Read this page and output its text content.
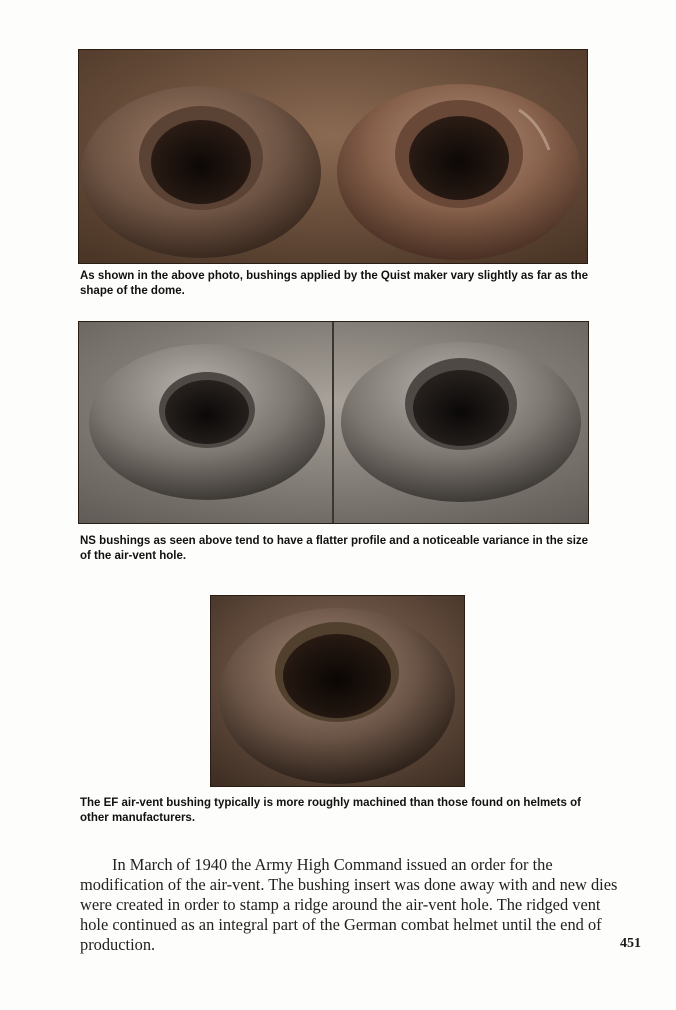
As shown in the above photo, bushings applied by the Quist maker vary slightly as far as the shape of the dome.
NS bushings as seen above tend to have a flatter profile and a noticeable variance in the size of the air-vent hole.
The EF air-vent bushing typically is more roughly machined than those found on helmets of other manufacturers.

In March of 1940 the Army High Command issued an order for the modification of the air-vent. The bushing insert was done away with and new dies were created in order to stamp a ridge around the air-vent hole. The ridged vent hole continued as an integral part of the German combat helmet until the end of production.	451
